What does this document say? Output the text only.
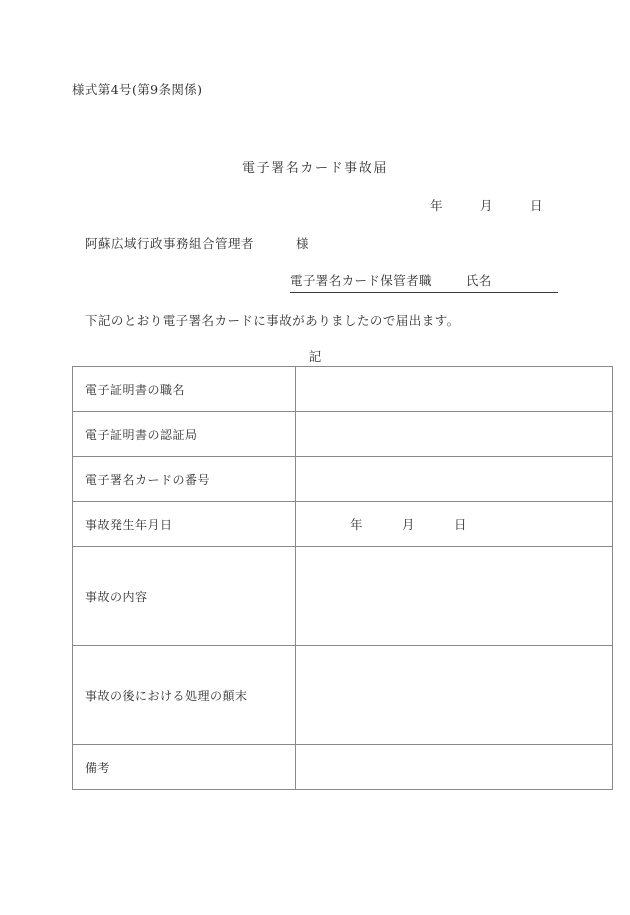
様式第4号(第9条関係)
電子署名カード事故届
年　　　月　　　日
阿蘇広域行政事務組合管理者	様
電子署名カード保管者職	氏名
下記のとおり電子署名カードに事故がありましたので届出ます。
記
電子証明書の職名	
電子証明書の認証局	
電子署名カードの番号	
事故発生年月日	年　　　月　　　日

事故の内容	
事故の後における処理の顛末	
備考	
